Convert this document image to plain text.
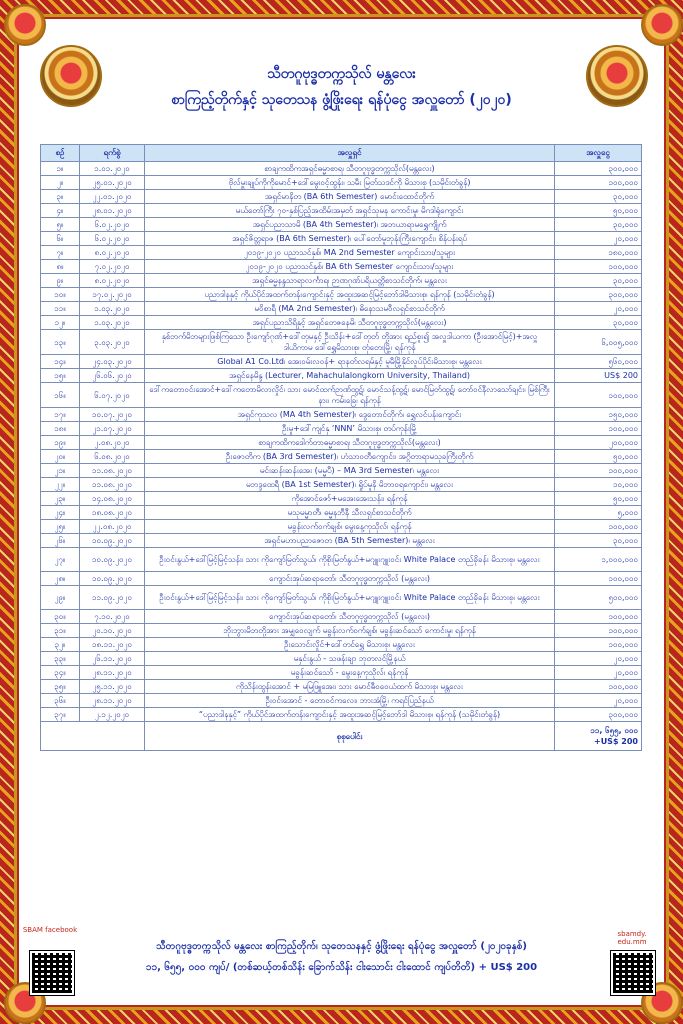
သီတဂူဗုဒ္ဓတက္ကသိုလ် မန္တလေး
စာကြည့်တိုက်နှင့် သုတေသန ဖွံ့ဖြိုးရေး ရန်ပုံငွေ အလှူတော် (၂၀၂၀)
စဉ်	ရက်စွဲ	အလှူရှင်	အလှူငွေ
၁။	၁.၀၁.၂၀၂၀	စာချကထိကအရှင်ဓမ္မာစာရ၊ သီတဂူဗုဒ္ဓတက္ကသိုလ်(မန္တလေး)	၃၀၀,၀၀၀
၂။	၂၅.၀၁.၂၀၂၀	ဗိုလ်မှူးချုပ်ကိုကိုမောင်+ဒေါ်မွေးဝင့်ထွန်း၊ သမီး မြတ်သဒင်ကို မိသားစု (သမိုင်းတံခွန်)	၁၀၀,၀၀၀
၃။	၂၂.၀၁.၂၀၂၀	အရှင်မာနိတ (BA 6th Semester) မောင်းထောင်တိုက်	၃၀,၀၀၀
၄။	၂၈.၀၁.၂၀၂၀	မယ်တော်ကြီး ၇၀-နှစ်ပြည့်အထိမ်းအမှတ် အရှင်သုမန ကောင်းမှု၊ မိဂဒါရုံကျောင်း	၅၀,၀၀၀
၅။	၆.၀၂.၂၀၂၀	အရှင်ပညာသာမိ (BA 4th Semester)၊ အဘယာရာမရွှေကျိုက်	၃၀,၀၀၀
၆။	၆.၀၂.၂၀၂၀	အရှင်ဇိတ္တရာဇ (BA 6th Semester)၊ ပေါ်တော်မူဘုန်းကြီးကျောင်း၊ စိန်ပန်းရပ်	၂၀,၀၀၀
၇။	၈.၀၂.၂၀၂၀	၂၀၁၉-၂၀၂၀ ပညာသင်နှစ်၊ MA 2nd Semester ကျောင်းသား/သူများ	၁၈၀,၀၀၀
၈။	၇.၀၂.၂၀၂၀	၂၀၁၉-၂၀၂၀ ပညာသင်နှစ်၊ BA 6th Semester ကျောင်းသား/သူများ	၁၀၀,၀၀၀
၉။	၈.၀၂.၂၀၂၀	အရှင်ဓမ္မနန္ဒသာရာလင်္ကာရ၊ ဉာဏဂုဏ်ပရိယတ္တိစာသင်တိုက်၊ မန္တလေး	၃၀,၀၀၀
၁၀။	၁၇.၀၂.၂၀၂၀	ပညာဒါနနှင့် ကိုယ်ပိုင်အထက်တန်းကျောင်းနှင့် အထူးအဆင့်မြင့်ဘော်ဒါမိသားစု၊ ရန်ကုန် (သမိုင်းတံခွန်)	၃၀၀,၀၀၀
၁၁။	၁.၀၃.၂၀၂၀	မဝိစာရီ (MA 2nd Semester)၊ ဓိနောသမဝီလရှင်စာသင်တိုက်	၂၀,၀၀၀
၁၂။	၁.၀၃.၂၀၂၀	အရှင်ပညာသိရိနှင့် အရှင်တေဇနေမိ၊ သီတဂူဗုဒ္ဓတက္ကသိုလ်(မန္တလေး)	၃၀,၀၀၀
၁၃။	၃.၀၃.၂၀၂၀	နှစ်ဘက်မိဘများဖြစ်ကြသော ဦးကျော်ဂုဏ်+ဒေါ်တုမနှင့် ဦးသိန်း+ဒေါ်တုတ် တို့အား ရည်စူး၍ အလှူဒါယကာ (ဦးအောင်မြင့်)+အလှူဒါယိကာမ ဒေါ်ရွှေမိသားစု၊ တုံတေးမြို့၊ ရန်ကုန်	၆,၀၀၅,၀၀၀
၁၄။	၂၄.၀၃.၂၀၂၀	Global A1 Co.Ltd၊ အေးဝမ်းလဝန်+ ရာနတ်လရမ်နှင့် မူမီမြို့နိုင်လူပ်ပိုင်းမိသားစု၊ မန္တလေး	၅၆၀,၀၀၀
၁၅။	၂၆.၀၆.၂၀၂၀	အရှင်နေမိန္ဒ (Lecturer, Mahachulalongkorn University, Thailand)	US$ 200
၁၆။	၆.၀၇.၂၀၂၀	ဒေါ်ကတောဝင်းအောင်+ဒေါ်ကတောမိလာလှိုင်၊ သား မောင်ထက်ဉာဏ်ထွဋ်၊ မောင်သန့်ထွဋ်၊ မောင်မြတ်ထွဋ်၊ တော်ဝင်နီလာသော်ချင်း၊ မြစ်ကြီးနား၊ ကမ်းခြေ၊ ရန်ကုန်	၁၀၀,၀၀၀
၁၇။	၁၀.၀၇.၂၀၂၀	အရှင်ကုသလ (MA 4th Semester)၊ ဒွေတောင်တိုက်၊ ရွှေလင်ပန်းကျောင်း	၁၅၀,၀၀၀
၁၈။	၂၁.၀၇.၂၀၂၀	ဦးမှု+ဒေါ်ကျင်နု ‘NNN’ မိသားစု၊ တပ်ကုန်းမြို့	၁၀၀,၀၀၀
၁၉။	၂.၀၈.၂၀၂၀	စာချကထိကဒေါက်တာဓမ္မာစာရ၊ သီတဂူဗုဒ္ဓတက္ကသိုလ်(မန္တလေး)	၂၀၀,၀၀၀
၂၀။	၆.၀၈.၂၀၂၀	ဦးဇောတိက (BA 3rd Semester)၊ ဟံသာဝတီကျောင်း၊ အဂ္ဂိတာရာမသုခကြီးတိုက်	၅၀,၀၀၀
၂၁။	၁၁.၀၈.၂၀၂၀	မင်းဆန်းဆန်းအေး (မမ္မပီ) – MA 3rd Semester၊ မန္တလေး	၁၀၀,၀၀၀
၂၂။	၁၁.၀၈.၂၀၂၀	မဘဒ္ဒထေရီ (BA 1st Semester)၊ ရှိုပ်မူနိ မိဘာဝရကျောင်း၊ မန္တလေး	၁၀,၀၀၀
၂၃။	၁၄.၀၈.၂၀၂၀	ကိုအောင်ဇော်+မအေးအေးသန်း၊ ရန်ကုန်	၅၀,၀၀၀
၂၄။	၁၈.၀၈.၂၀၂၀	မသုမမ္မာတီ၊ ဓမ္မနဘီနီ သီလရှင်စာသင်တိုက်	၅,၀၀၀
၂၅။	၂၂.၀၈.၂၀၂၀	မခ္ဗန်းလက်ဝက်ချစ်၊ မွေးနေ့ကုသိုလ်၊ ရန်ကုန်	၁၀၀,၀၀၀
၂၆။	၁၀.၀၉.၂၀၂၀	အရှင်မဟာပညာဇောတ (BA 5th Semester)၊ မန္တလေး	၃၀,၀၀၀
၂၇။	၁၀.၀၉.၂၀၂၀	ဦးဝင်းနွယ်+ဒေါ်မြင့်မြင့်သန်း၊ သား ကိုကျော်မြတ်သွယ်၊ ကိုစိုးမြတ်နွယ်+မဂျူးဂျူးဝင်း White Palace တည်ခိုခန်း မိသားစု၊ မန္တလေး	၁,၀၀၀,၀၀၀
၂၈။	၁၀.၀၉.၂၀၂၀	ကျောင်းအုပ်ဆရာတော်၊ သီတဂူဗုဒ္ဓတက္ကသိုလ် (မန္တလေး)	၁၀၀,၀၀၀
၂၉။	၁၁.၀၉.၂၀၂၀	ဦးဝင်းနွယ်+ဒေါ်မြင့်မြင့်သန်း၊ သား ကိုကျော်မြတ်သွယ်၊ ကိုစိုးမြတ်နွယ်+မဂျူးဂျူးဝင်း White Palace တည်ခိုခန်း မိသားစု၊ မန္တလေး	၅၀၀,၀၀၀
၃၀။	၇.၁၀.၂၀၂၀	ကျောင်းအုပ်ဆရာတော်၊ သီတဂူဗုဒ္ဓတက္ကသိုလ် (မန္တလေး)	၁၀၀,၀၀၀
၃၁။	၂၀.၁၀.၂၀၂၀	ဘိုးဘွားမိဘတို့အား အမျှဝေလျက် မခ္ဗန်းလက်ဝက်ချစ်၊ မခ္ဗန်းဆင်သော် ကောင်းမှု၊ ရန်ကုန်	၁၀၀,၀၀၀
၃၂။	၁၈.၁၁.၂၀၂၀	ဦးသောင်းလှိုင်+ဒေါ်တင်ရွှေ မိသားစု၊ မန္တလေး	၁၀၀,၀၀၀
၃၃။	၂၆.၁၁.၂၀၂၀	မနှင်းနွယ် - သဖန်းချာ ဘုတလင်မြို့နယ်	၂၀,၀၀၀
၃၄။	၂၈.၁၁.၂၀၂၀	မခ္ဗန်းဆင်သော် - မွေးနေ့ကုသိုလ်၊ ရန်ကုန်	၂၀,၀၀၀
၃၅။	၂၅.၁၁.၂၀၂၀	ကိုသိန်းထွန်းအောင် + မမြဖြူအေး၊ သား မောင်ဓီဝဝေယံထက် မိသားစု၊ မန္တလေး	၁၀၀,၀၀၀
၃၆။	၂၈.၁၁.၂၀၂၀	ဦးဝင်းအောင် - တော‌ဝင်ကလေး၊ ဘားအံမြို့၊ ကရင်ပြည်နယ်	၂၀,၀၀၀
၃၇။	၂.၁၂.၂၀၂၀	“ပညာဒါနနှင့်” ကိုယ်ပိုင်အထက်တန်းကျောင်းနှင့် အထူးအဆင့်မြင့်ဘော်ဒါ မိသားစု၊ ရန်ကုန် (သမိုင်းတံခွန်)	၃၀၀,၀၀၀
		စုစုပေါင်း	၁၁, ၆၅၅, ၀၀၀
+US$ 200
SBAM facebook	sbamdy. edu.mm
သီတဂူဗုဒ္ဓတက္ကသိုလ် မန္တလေး စာကြည့်တိုက်၊ သုတေသနနှင့် ဖွံ့ဖြိုးရေး ရန်ပုံငွေ အလှူတော် (၂၀၂၀ခုနှစ်)
၁၁, ၆၅၅, ၀၀၀ ကျပ်/ (တစ်ဆယ့်တစ်သိန်း ခြောက်သိန်း ငါးသောင်း ငါးထောင် ကျပ်တိတိ) + US$ 200
